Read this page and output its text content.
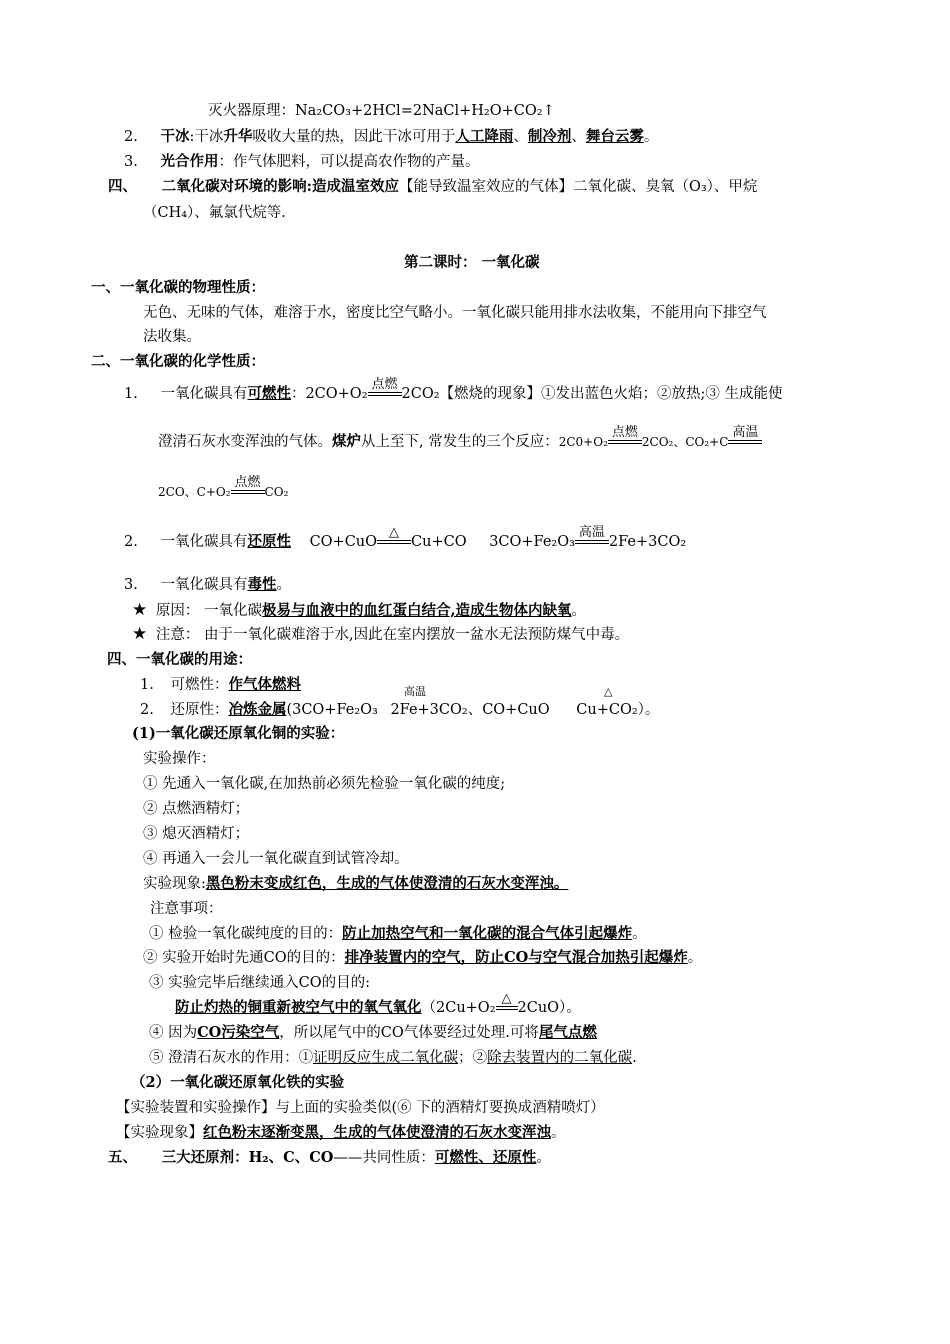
灭火器原理：Na₂CO₃+2HCl=2NaCl+H₂O+CO₂↑
2. 干冰:干冰升华吸收大量的热，因此干冰可用于人工降雨、制冷剂、舞台云雾。
3. 光合作用：作气体肥料，可以提高农作物的产量。
四、 二氧化碳对环境的影响:造成温室效应【能导致温室效应的气体】二氧化碳、臭氧（O₃）、甲烷
（CH₄）、氟氯代烷等.
第二课时： 一氧化碳
一、一氧化碳的物理性质：
无色、无味的气体，难溶于水，密度比空气略小。一氧化碳只能用排水法收集，不能用向下排空气
法收集。
二、一氧化碳的化学性质：
1. 一氧化碳具有可燃性：2CO+O₂
点燃
2CO₂【燃烧的现象】①发出蓝色火焰；②放热;③ 生成能使
澄清石灰水变浑浊的气体。煤炉从上至下, 常发生的三个反应：2C0+O₂
点燃
2CO₂、CO₂+C
高温
2CO、C+O₂
点燃
CO₂
2. 一氧化碳具有还原性 CO+CuO
△
Cu+CO 3CO+Fe₂O₃
高温
2Fe+3CO₂
3. 一氧化碳具有毒性。
★ 原因： 一氧化碳极易与血液中的血红蛋白结合,造成生物体内缺氧。
★ 注意： 由于一氧化碳难溶于水,因此在室内摆放一盆水无法预防煤气中毒。
四、一氧化碳的用途：
1. 可燃性：作气体燃料
2. 还原性：冶炼金属(3CO+Fe₂O₃ 2Fe+3CO₂、CO+CuO Cu+CO₂）。
高温	△
(1)一氧化碳还原氧化铜的实验：
实验操作：
① 先通入一氧化碳,在加热前必须先检验一氧化碳的纯度;
② 点燃酒精灯；
③ 熄灭酒精灯；
④ 再通入一会儿一氧化碳直到试管冷却。
实验现象:黑色粉末变成红色，生成的气体使澄清的石灰水变浑浊。
注意事项：
① 检验一氧化碳纯度的目的：防止加热空气和一氧化碳的混合气体引起爆炸。
② 实验开始时先通CO的目的：排净装置内的空气，防止CO与空气混合加热引起爆炸。
③ 实验完毕后继续通入CO的目的:
防止灼热的铜重新被空气中的氧气氧化（2Cu+O₂
△
2CuO）。
④ 因为CO污染空气，所以尾气中的CO气体要经过处理.可将尾气点燃
⑤ 澄清石灰水的作用：①证明反应生成二氧化碳；②除去装置内的二氧化碳.
（2）一氧化碳还原氧化铁的实验
【实验装置和实验操作】与上面的实验类似(⑥ 下的酒精灯要换成酒精喷灯）
【实验现象】红色粉末逐渐变黑，生成的气体使澄清的石灰水变浑浊。
五、 三大还原剂：H₂、C、CO——共同性质：可燃性、还原性。
